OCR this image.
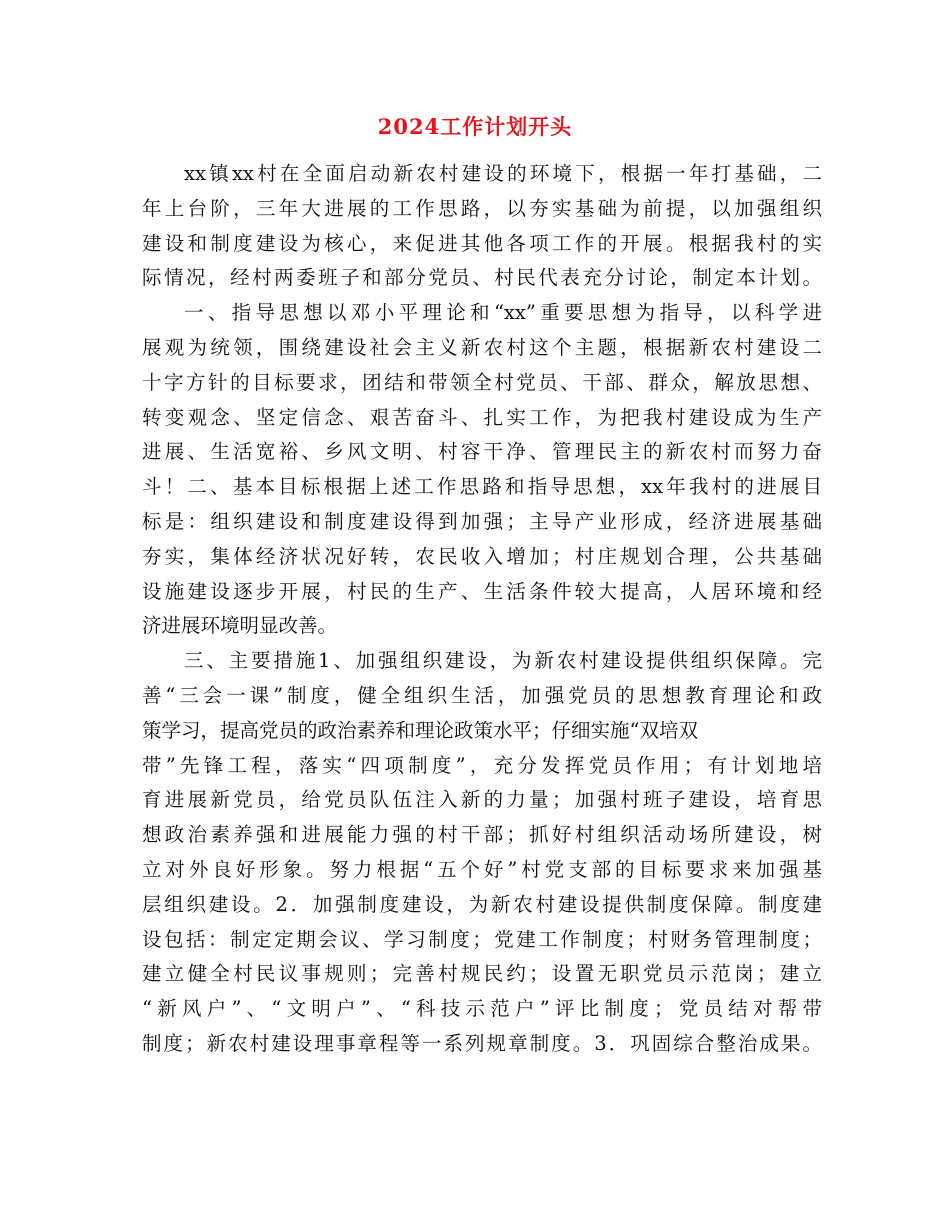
2024工作计划开头
xx镇xx村在全面启动新农村建设的环境下，根据一年打基础，二
年上台阶，三年大进展的工作思路，以夯实基础为前提，以加强组织
建设和制度建设为核心，来促进其他各项工作的开展。根据我村的实
际情况，经村两委班子和部分党员、村民代表充分讨论，制定本计划。
一、指导思想以邓小平理论和“xx”重要思想为指导，以科学进
展观为统领，围绕建设社会主义新农村这个主题，根据新农村建设二
十字方针的目标要求，团结和带领全村党员、干部、群众，解放思想、
转变观念、坚定信念、艰苦奋斗、扎实工作，为把我村建设成为生产
进展、生活宽裕、乡风文明、村容干净、管理民主的新农村而努力奋
斗！二、基本目标根据上述工作思路和指导思想，xx年我村的进展目
标是：组织建设和制度建设得到加强；主导产业形成，经济进展基础
夯实，集体经济状况好转，农民收入增加；村庄规划合理，公共基础
设施建设逐步开展，村民的生产、生活条件较大提高，人居环境和经
济进展环境明显改善。
三、主要措施1、加强组织建设，为新农村建设提供组织保障。完
善“三会一课”制度，健全组织生活，加强党员的思想教育理论和政
策学习，提高党员的政治素养和理论政策水平；仔细实施“双培双
带”先锋工程，落实“四项制度”，充分发挥党员作用；有计划地培
育进展新党员，给党员队伍注入新的力量；加强村班子建设，培育思
想政治素养强和进展能力强的村干部；抓好村组织活动场所建设，树
立对外良好形象。努力根据“五个好”村党支部的目标要求来加强基
层组织建设。2．加强制度建设，为新农村建设提供制度保障。制度建
设包括：制定定期会议、学习制度；党建工作制度；村财务管理制度；
建立健全村民议事规则；完善村规民约；设置无职党员示范岗；建立
“新风户”、“文明户”、“科技示范户”评比制度；党员结对帮带
制度；新农村建设理事章程等一系列规章制度。3．巩固综合整治成果。
